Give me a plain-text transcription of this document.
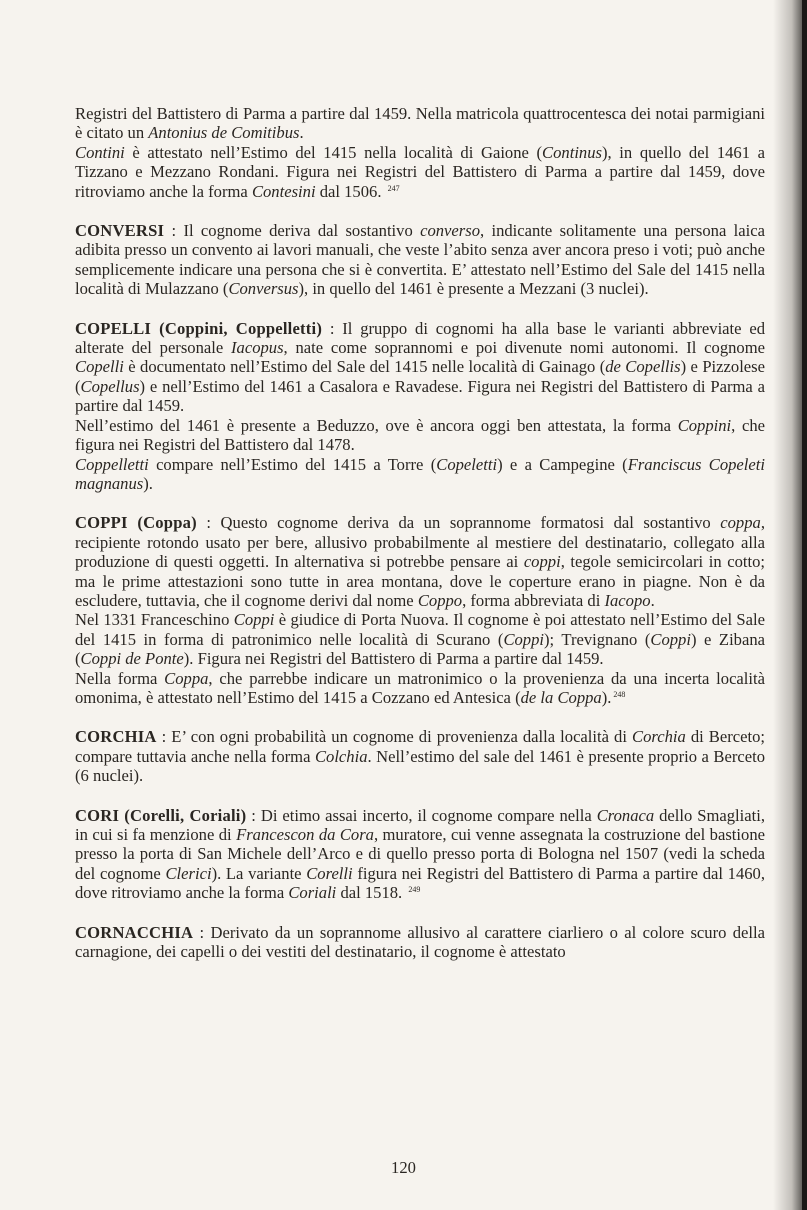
Registri del Battistero di Parma a partire dal 1459. Nella matricola quattrocentesca dei notai parmigiani è citato un Antonius de Comitibus.

Contini è attestato nell’Estimo del 1415 nella località di Gaione (Continus), in quello del 1461 a Tizzano e Mezzano Rondani. Figura nei Registri del Battistero di Parma a partire dal 1459, dove ritroviamo anche la forma Contesini dal 1506. $^{247}$

CONVERSI : Il cognome deriva dal sostantivo converso, indicante solitamente una persona laica adibita presso un convento ai lavori manuali, che veste l’abito senza aver ancora preso i voti; può anche semplicemente indicare una persona che si è convertita. E’ attestato nell’Estimo del Sale del 1415 nella località di Mulazzano (Conversus), in quello del 1461 è presente a Mezzani (3 nuclei).

COPELLI (Coppini, Coppelletti) : Il gruppo di cognomi ha alla base le varianti abbreviate ed alterate del personale Iacopus, nate come soprannomi e poi divenute nomi autonomi. Il cognome Copelli è documentato nell’Estimo del Sale del 1415 nelle località di Gainago (de Copellis) e Pizzolese (Copellus) e nell’Estimo del 1461 a Casalora e Ravadese. Figura nei Registri del Battistero di Parma a partire dal 1459.

Nell’estimo del 1461 è presente a Beduzzo, ove è ancora oggi ben attestata, la forma Coppini, che figura nei Registri del Battistero dal 1478.

Coppelletti compare nell’Estimo del 1415 a Torre (Copeletti) e a Campegine (Franciscus Copeleti magnanus).

COPPI (Coppa) : Questo cognome deriva da un soprannome formatosi dal sostantivo coppa, recipiente rotondo usato per bere, allusivo probabilmente al mestiere del destinatario, collegato alla produzione di questi oggetti. In alternativa si potrebbe pensare ai coppi, tegole semicircolari in cotto; ma le prime attestazioni sono tutte in area montana, dove le coperture erano in piagne. Non è da escludere, tuttavia, che il cognome derivi dal nome Coppo, forma abbreviata di Iacopo.

Nel 1331 Franceschino Coppi è giudice di Porta Nuova. Il cognome è poi attestato nell’Estimo del Sale del 1415 in forma di patronimico nelle località di Scurano (Coppi); Trevignano (Coppi) e Zibana (Coppi de Ponte). Figura nei Registri del Battistero di Parma a partire dal 1459.

Nella forma Coppa, che parrebbe indicare un matronimico o la provenienza da una incerta località omonima, è attestato nell’Estimo del 1415 a Cozzano ed Antesica (de la Coppa). $^{248}$

CORCHIA : E’ con ogni probabilità un cognome di provenienza dalla località di Corchia di Berceto; compare tuttavia anche nella forma Colchia. Nell’estimo del sale del 1461 è presente proprio a Berceto (6 nuclei).

CORI (Corelli, Coriali) : Di etimo assai incerto, il cognome compare nella Cronaca dello Smagliati, in cui si fa menzione di Francescon da Cora, muratore, cui venne assegnata la costruzione del bastione presso la porta di San Michele dell’Arco e di quello presso porta di Bologna nel 1507 (vedi la scheda del cognome Clerici). La variante Corelli figura nei Registri del Battistero di Parma a partire dal 1460, dove ritroviamo anche la forma Coriali dal 1518. $^{249}$

CORNACCHIA : Derivato da un soprannome allusivo al carattere ciarliero o al colore scuro della carnagione, dei capelli o dei vestiti del destinatario, il cognome è attestato

120
